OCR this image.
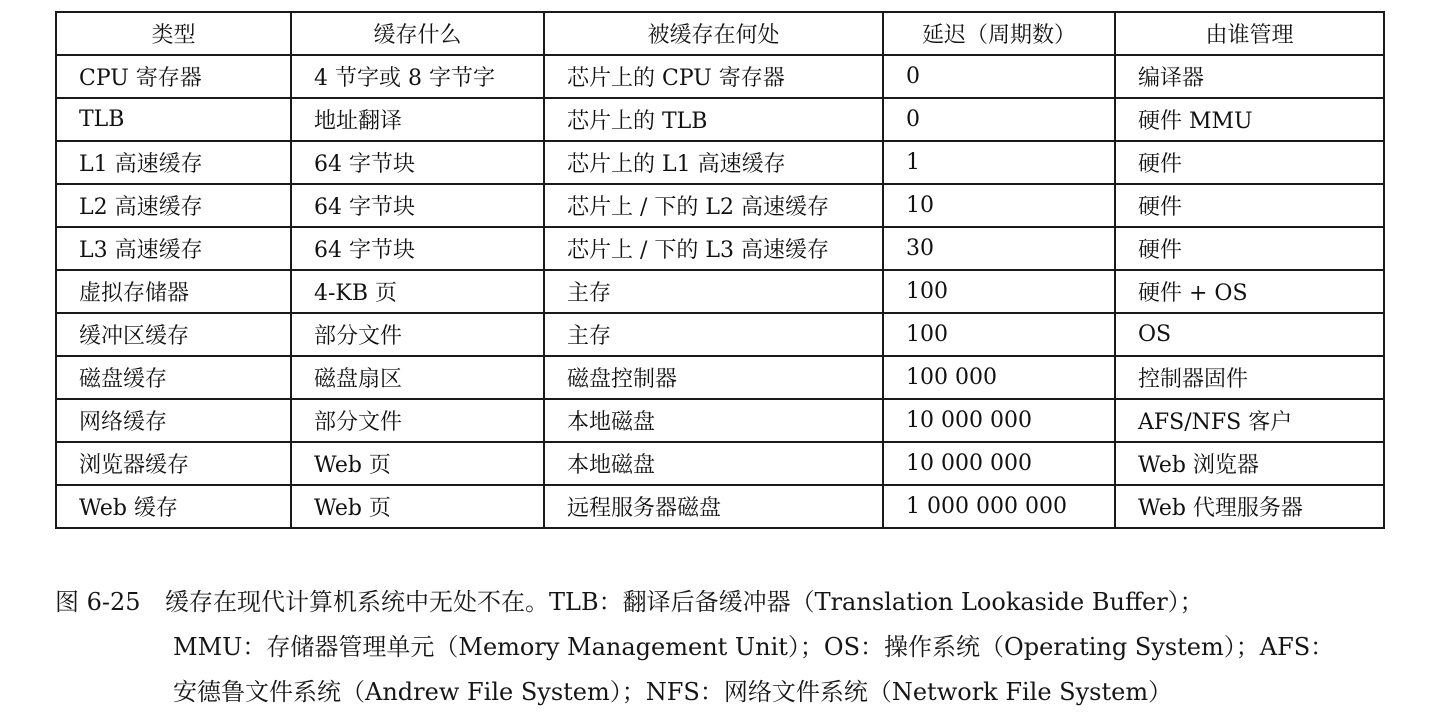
类型	缓存什么	被缓存在何处	延迟（周期数）	由谁管理
CPU 寄存器	4 节字或 8 字节字	芯片上的 CPU 寄存器	0	编译器
TLB	地址翻译	芯片上的 TLB	0	硬件 MMU
L1 高速缓存	64 字节块	芯片上的 L1 高速缓存	1	硬件
L2 高速缓存	64 字节块	芯片上 / 下的 L2 高速缓存	10	硬件
L3 高速缓存	64 字节块	芯片上 / 下的 L3 高速缓存	30	硬件
虚拟存储器	4-KB 页	主存	100	硬件 + OS
缓冲区缓存	部分文件	主存	100	OS
磁盘缓存	磁盘扇区	磁盘控制器	100 000	控制器固件
网络缓存	部分文件	本地磁盘	10 000 000	AFS/NFS 客户
浏览器缓存	Web 页	本地磁盘	10 000 000	Web 浏览器
Web 缓存	Web 页	远程服务器磁盘	1 000 000 000	Web 代理服务器
图 6-25 缓存在现代计算机系统中无处不在。TLB：翻译后备缓冲器（Translation Lookaside Buffer）；
MMU：存储器管理单元（Memory Management Unit）；OS：操作系统（Operating System）；AFS：
安德鲁文件系统（Andrew File System）；NFS：网络文件系统（Network File System）
